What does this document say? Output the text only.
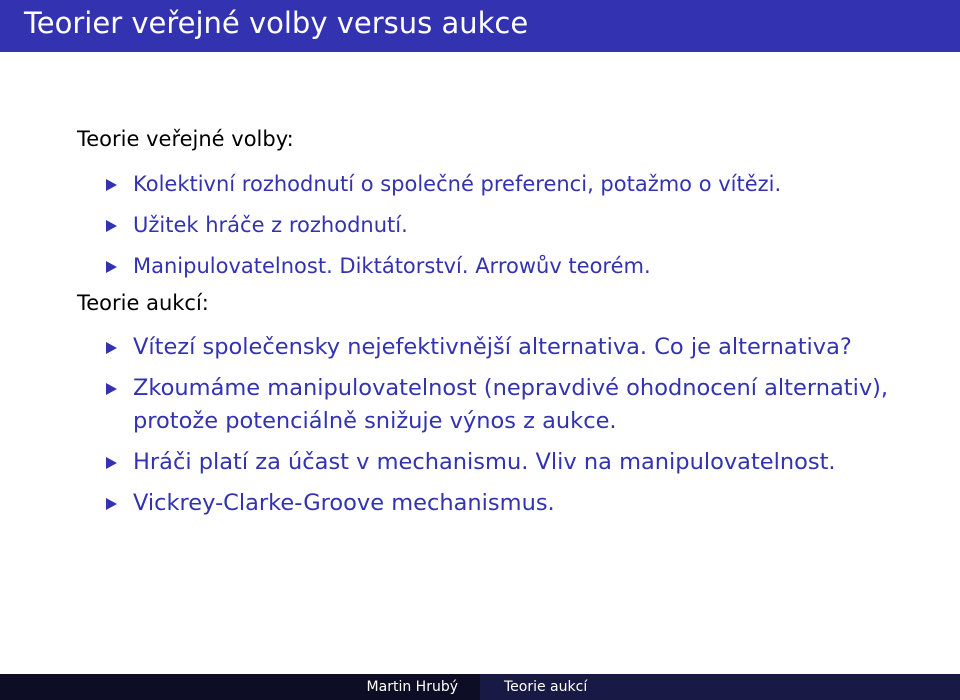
Teorier veřejné volby versus aukce

Teorie veřejné volby:

Kolektivní rozhodnutí o společné preferenci, potažmo o vítězi.
Užitek hráče z rozhodnutí.
Manipulovatelnost. Diktátorství. Arrowův teorém.

Teorie aukcí:

Vítezí společensky nejefektivnější alternativa. Co je alternativa?
Zkoumáme manipulovatelnost (nepravdivé ohodnocení alternativ), protože potenciálně snižuje výnos z aukce.
Hráči platí za účast v mechanismu. Vliv na manipulovatelnost.
Vickrey-Clarke-Groove mechanismus.
Martin Hrubý	Teorie aukcí
